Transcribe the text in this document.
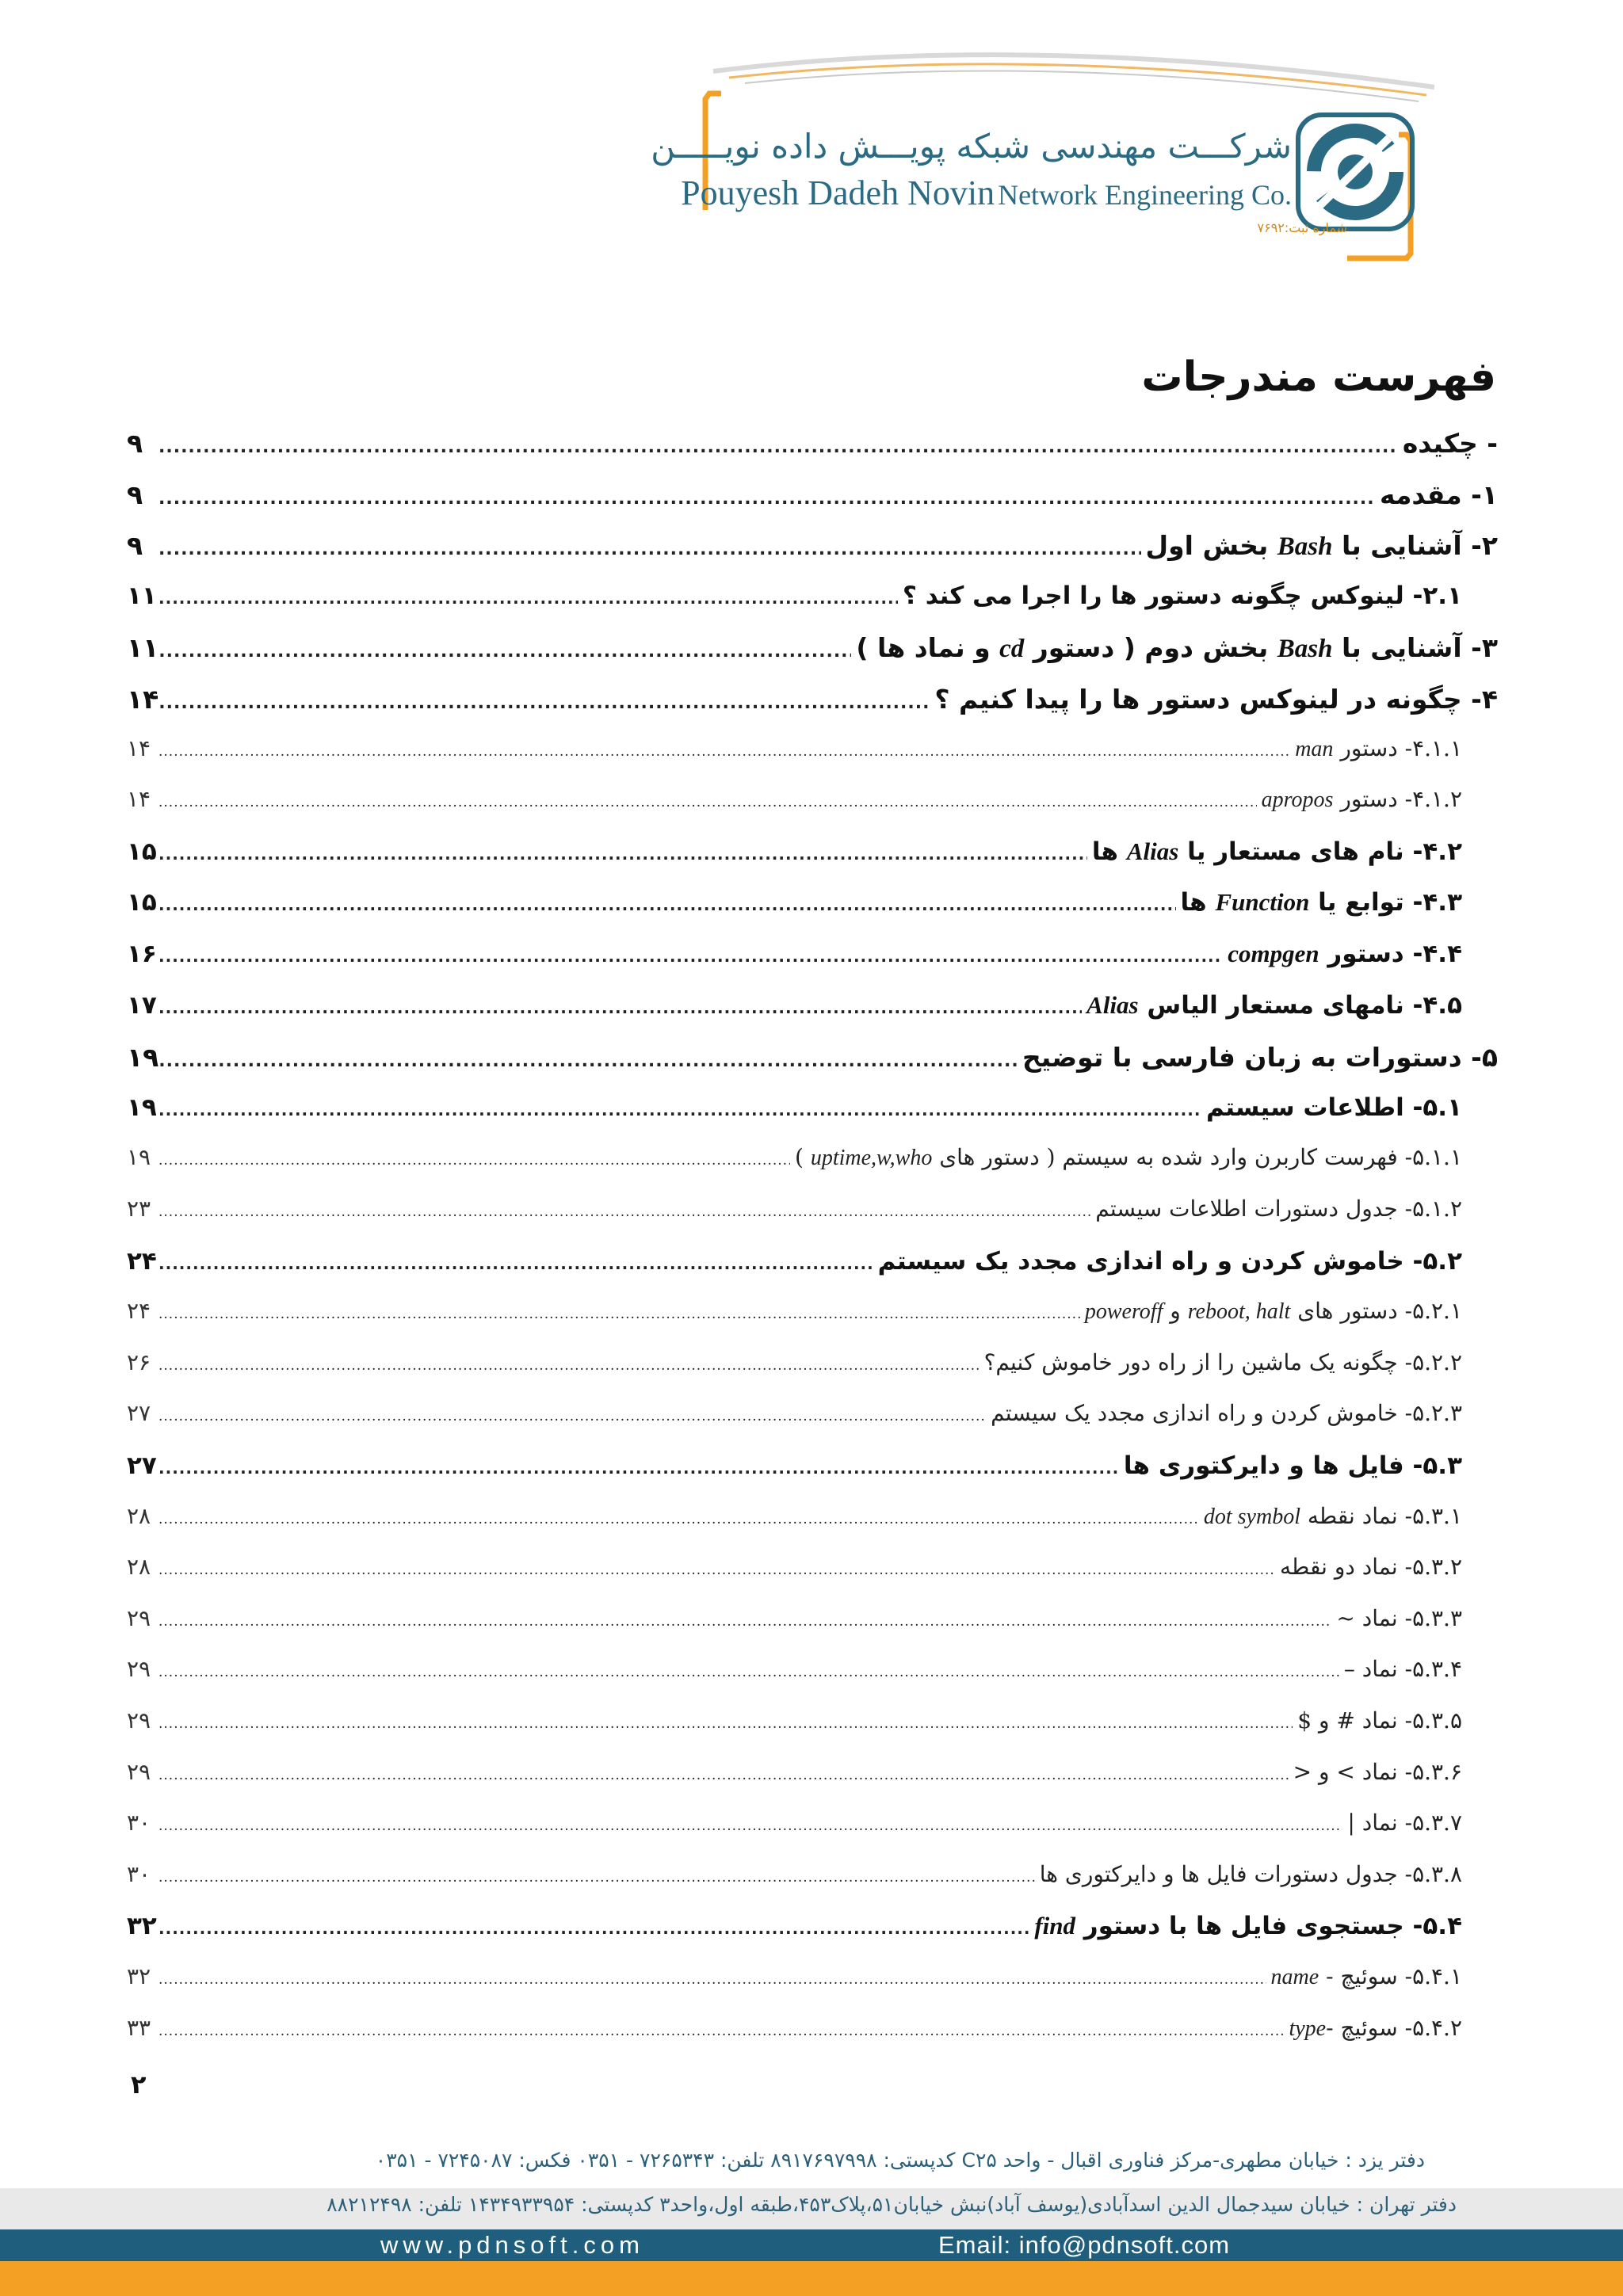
شرکـــت مهندسی شبکه پویـــش داده نویـــــن
Pouyesh Dadeh Novin Network Engineering Co.
شماره ثبت:۷۶۹۲
فهرست مندرجات
- چکیده
.....
۹
۱- مقدمه
.....
۹
۲- آشنایی با Bash بخش اول
.....
۹
۲.۱- لینوکس چگونه دستور ها را اجرا می کند ؟
.....
۱۱
۳- آشنایی با Bash بخش دوم ( دستور cd و نماد ها )
.....
۱۱
۴- چگونه در لینوکس دستور ها را پیدا کنیم ؟
.....
۱۴
۴.۱.۱- دستور man
.....
۱۴
۴.۱.۲- دستور apropos
.....
۱۴
۴.۲- نام های مستعار یا Alias ها
.....
۱۵
۴.۳- توابع یا Function ها
.....
۱۵
۴.۴- دستور compgen
.....
۱۶
۴.۵- نامهای مستعار الیاس Alias
.....
۱۷
۵- دستورات به زبان فارسی با توضیح
.....
۱۹
۵.۱- اطلاعات سیستم
.....
۱۹
۵.۱.۱- فهرست کاربرن وارد شده به سیستم ( دستور های uptime,w,who )
.....
۱۹
۵.۱.۲- جدول دستورات اطلاعات سیستم
.....
۲۳
۵.۲- خاموش کردن و راه اندازی مجدد یک سیستم
.....
۲۴
۵.۲.۱- دستور های reboot, halt و poweroff
.....
۲۴
۵.۲.۲- چگونه یک ماشین را از راه دور خاموش کنیم؟
.....
۲۶
۵.۲.۳- خاموش کردن و راه اندازی مجدد یک سیستم
.....
۲۷
۵.۳- فایل ها و دایرکتوری ها
.....
۲۷
۵.۳.۱- نماد نقطه dot symbol
.....
۲۸
۵.۳.۲- نماد دو نقطه
.....
۲۸
۵.۳.۳- نماد ~
.....
۲۹
۵.۳.۴- نماد –
.....
۲۹
۵.۳.۵- نماد # و $
.....
۲۹
۵.۳.۶- نماد > و <
.....
۲۹
۵.۳.۷- نماد |
.....
۳۰
۵.۳.۸- جدول دستورات فایل ها و دایرکتوری ها
.....
۳۰
۵.۴- جستجوی فایل ها با دستور find
.....
۳۲
۵.۴.۱- سوئیچ - name
.....
۳۲
۵.۴.۲- سوئیچ -type
.....
۳۳
۲
دفتر یزد : خیابان مطهری-مرکز فناوری اقبال - واحد C۲۵ کدپستی: ۸۹۱۷۶۹۷۹۹۸ تلفن: ۷۲۶۵۳۴۳ - ۰۳۵۱ فکس: ۷۲۴۵۰۸۷ - ۰۳۵۱
دفتر تهران : خیابان سیدجمال الدین اسدآبادی(یوسف آباد)نبش خیابان۵۱،پلاک۴۵۳،طبقه اول،واحد۳ کدپستی: ۱۴۳۴۹۳۳۹۵۴ تلفن: ۸۸۲۱۲۴۹۸
www.pdnsoft.com	Email: info@pdnsoft.com
